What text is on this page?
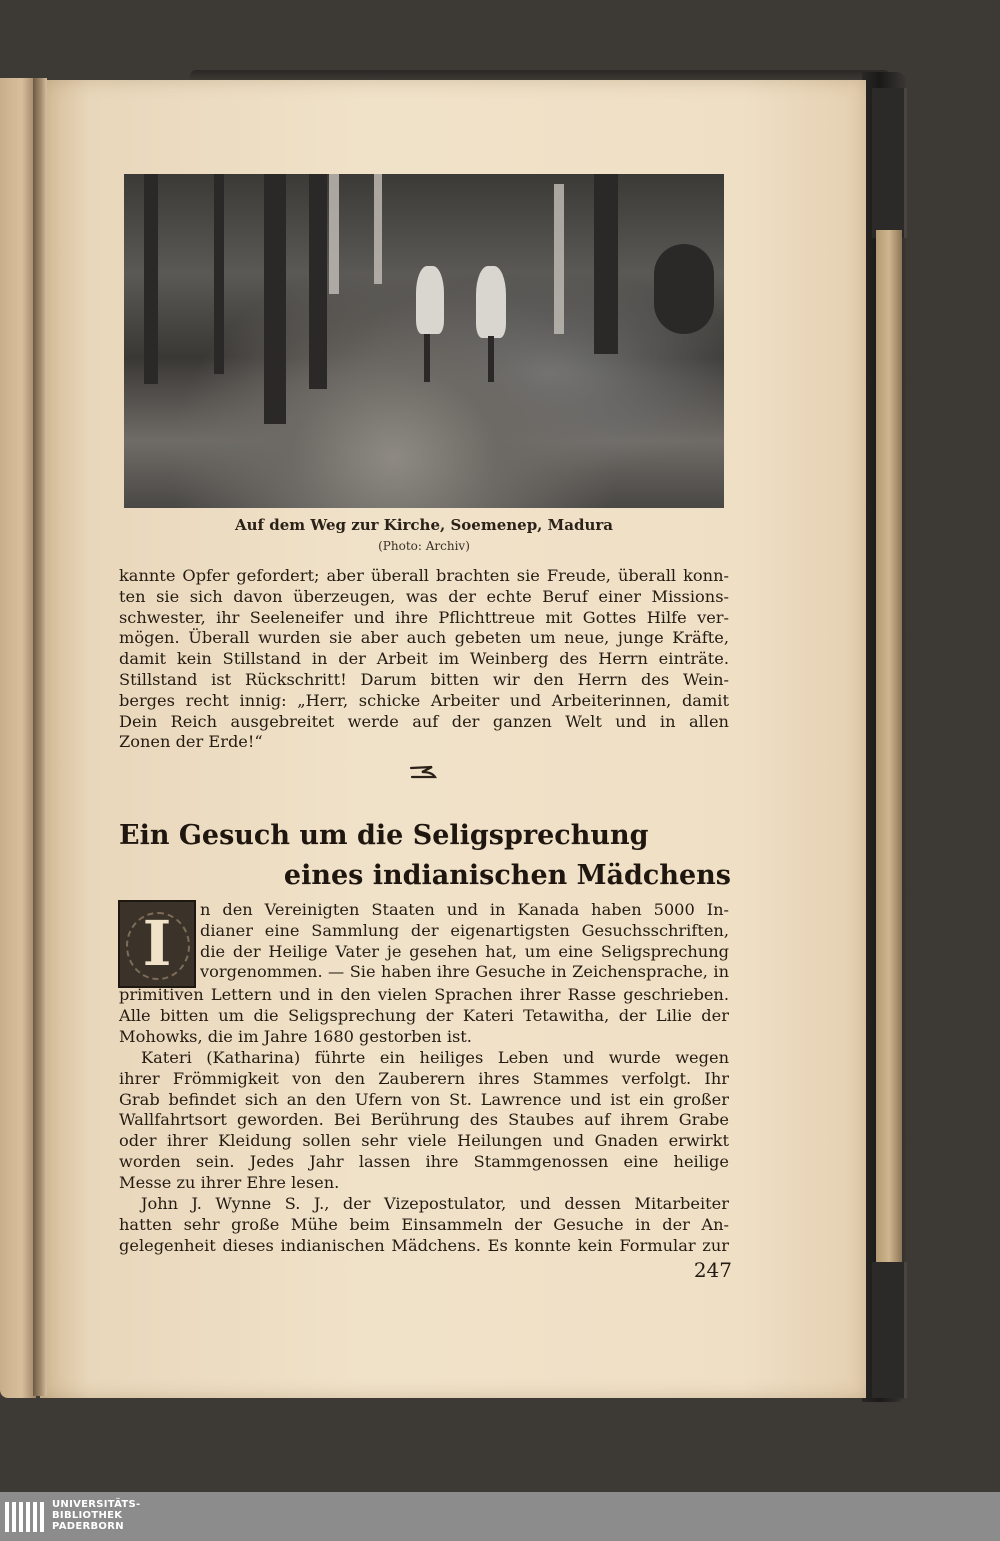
Auf dem Weg zur Kirche, Soemenep, Madura
(Photo: Archiv)
kannte Opfer gefordert; aber überall brachten sie Freude, überall konn-
ten sie sich davon überzeugen, was der echte Beruf einer Missions-
schwester, ihr Seeleneifer und ihre Pflichttreue mit Gottes Hilfe ver-
mögen. Überall wurden sie aber auch gebeten um neue, junge Kräfte,
damit kein Stillstand in der Arbeit im Weinberg des Herrn einträte.
Stillstand ist Rückschritt! Darum bitten wir den Herrn des Wein-
berges recht innig: „Herr, schicke Arbeiter und Arbeiterinnen, damit
Dein Reich ausgebreitet werde auf der ganzen Welt und in allen
Zonen der Erde!“
Ein Gesuch um die Seligsprechung
eines indianischen Mädchens
I	n den Vereinigten Staaten und in Kanada haben 5000 In-
dianer eine Sammlung der eigenartigsten Gesuchsschriften,
die der Heilige Vater je gesehen hat, um eine Seligsprechung
vorgenommen. — Sie haben ihre Gesuche in Zeichensprache, in
primitiven Lettern und in den vielen Sprachen ihrer Rasse geschrieben.
Alle bitten um die Seligsprechung der Kateri Tetawitha, der Lilie der
Mohowks, die im Jahre 1680 gestorben ist.
Kateri (Katharina) führte ein heiliges Leben und wurde wegen
ihrer Frömmigkeit von den Zauberern ihres Stammes verfolgt. Ihr
Grab befindet sich an den Ufern von St. Lawrence und ist ein großer
Wallfahrtsort geworden. Bei Berührung des Staubes auf ihrem Grabe
oder ihrer Kleidung sollen sehr viele Heilungen und Gnaden erwirkt
worden sein. Jedes Jahr lassen ihre Stammgenossen eine heilige
Messe zu ihrer Ehre lesen.
John J. Wynne S. J., der Vizepostulator, und dessen Mitarbeiter
hatten sehr große Mühe beim Einsammeln der Gesuche in der An-
gelegenheit dieses indianischen Mädchens. Es konnte kein Formular zur
247
UNIVERSITÄTS-
BIBLIOTHEK
PADERBORN
